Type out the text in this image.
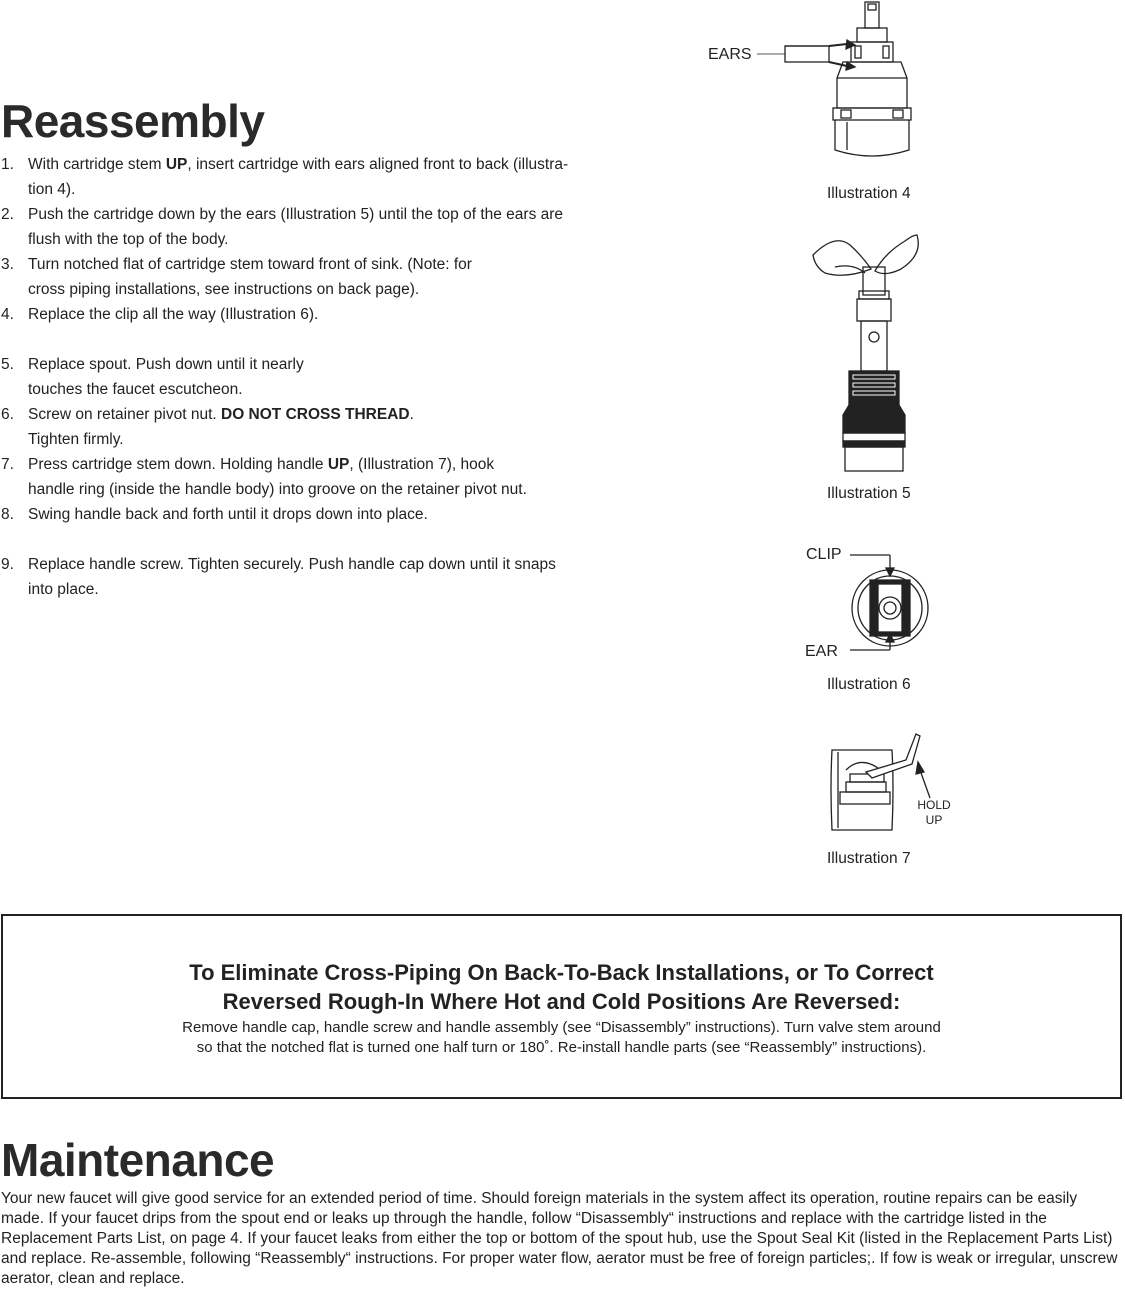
Reassembly
1. With cartridge stem UP, insert cartridge with ears aligned front to back (illustra-
tion 4).
2. Push the cartridge down by the ears (Illustration 5) until the top of the ears are
flush with the top of the body.
3. Turn notched flat of cartridge stem toward front of sink. (Note: for
cross piping installations, see instructions on back page).
4. Replace the clip all the way (Illustration 6).
5. Replace spout. Push down until it nearly
touches the faucet escutcheon.
6. Screw on retainer pivot nut. DO NOT CROSS THREAD.
Tighten firmly.
7. Press cartridge stem down. Holding handle UP, (Illustration 7), hook
handle ring (inside the handle body) into groove on the retainer pivot nut.
8. Swing handle back and forth until it drops down into place.
9. Replace handle screw. Tighten securely. Push handle cap down until it snaps
into place.
EARS
Illustration 4
Illustration 5
CLIP
EAR
Illustration 6
HOLD
UP
Illustration 7
To Eliminate Cross-Piping On Back-To-Back Installations, or To Correct
Reversed Rough-In Where Hot and Cold Positions Are Reversed:
Remove handle cap, handle screw and handle assembly (see “Disassembly” instructions). Turn valve stem around
so that the notched flat is turned one half turn or 180˚. Re-install handle parts (see “Reassembly” instructions).
Maintenance
Your new faucet will give good service for an extended period of time. Should foreign materials in the system affect its operation, routine repairs can be easily made. If your faucet drips from the spout end or leaks up through the handle, follow “Disassembly“ instructions and replace with the cartridge listed in the Replacement Parts List, on page 4. If your faucet leaks from either the top or bottom of the spout hub, use the Spout Seal Kit (listed in the Replacement Parts List) and replace. Re-assemble, following “Reassembly“ instructions. For proper water flow, aerator must be free of foreign particles;. If fow is weak or irregular, unscrew aerator, clean and replace.
